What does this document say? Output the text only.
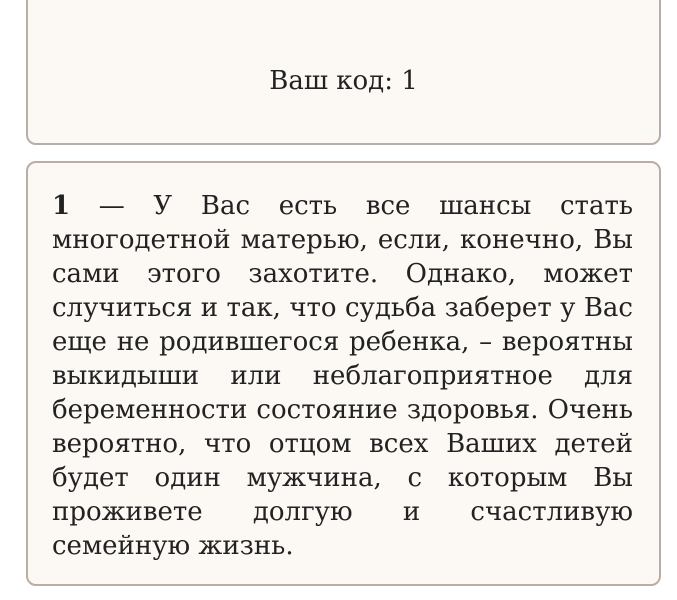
Ваш код: 1

1 — У Вас есть все шансы стать многодетной матерью, если, конечно, Вы сами этого захотите. Однако, может случиться и так, что судьба заберет у Вас еще не родившегося ребенка, – вероятны выкидыши или неблагоприятное для беременности состояние здоровья. Очень вероятно, что отцом всех Ваших детей будет один мужчина, с которым Вы проживете долгую и счастливую семейную жизнь.
